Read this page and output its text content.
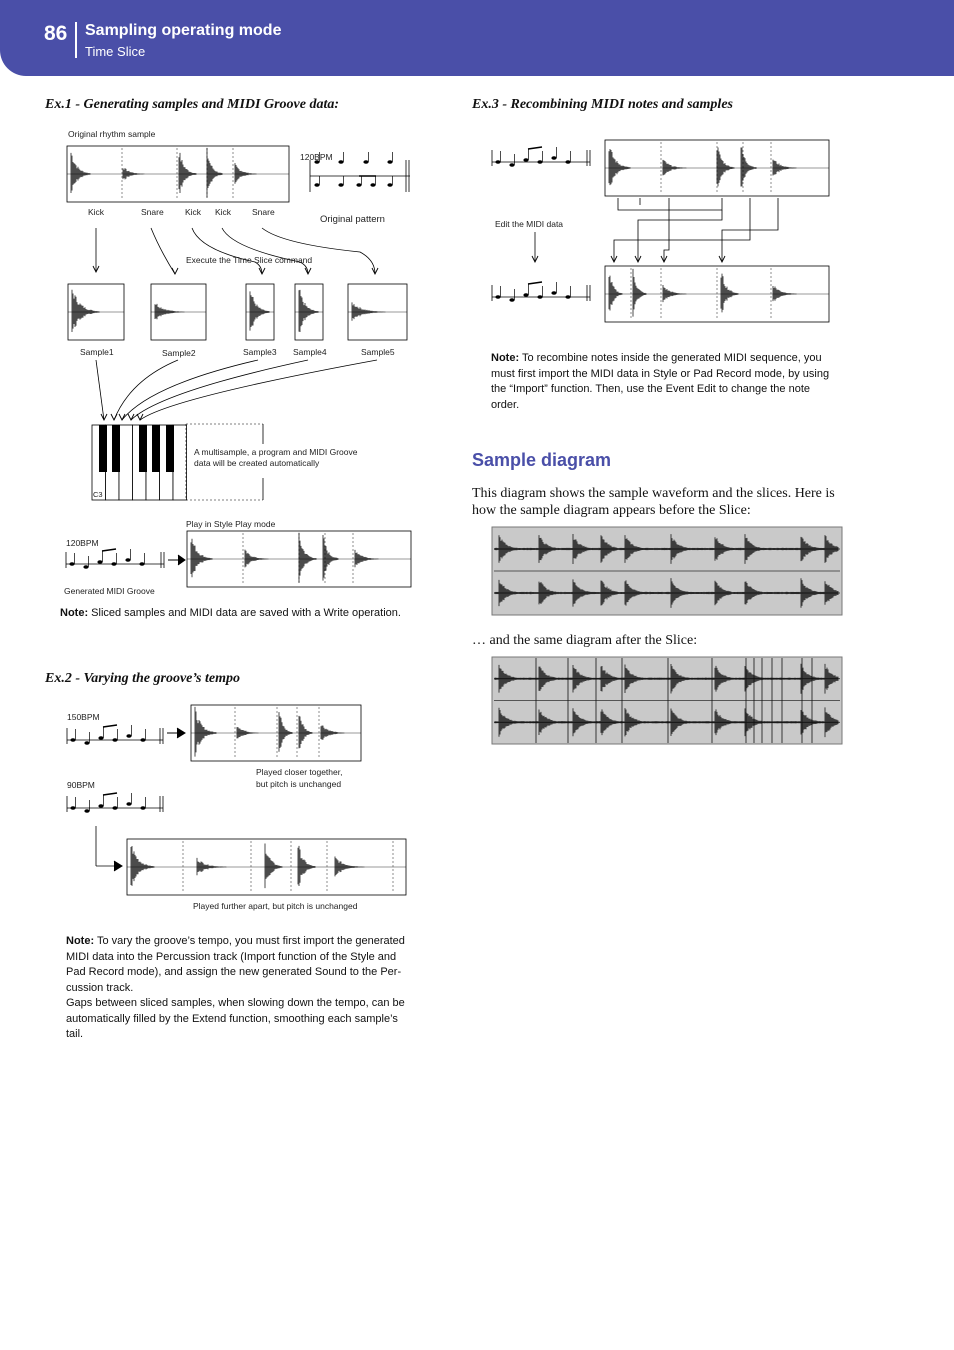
86 Sampling operating mode
Time Slice
Ex.1 - Generating samples and MIDI Groove data:
Original rhythm sample
120BPM
Kick	Snare	Kick Kick Snare
Original pattern
Execute the Time Slice command
Sample1	Sample2	Sample3 Sample4	Sample5
A multisample, a program and MIDI Groove
data will be created automatically
C3
Play in Style Play mode
120BPM
Generated MIDI Groove
Note: Sliced samples and MIDI data are saved with a Write operation.
Ex.2 - Varying the groove’s tempo
150BPM
Played closer together,
but pitch is unchanged
90BPM
Played further apart, but pitch is unchanged
Note: To vary the groove’s tempo, you must first import the generated
MIDI data into the Percussion track (Import function of the Style and
Pad Record mode), and assign the new generated Sound to the Per-
cussion track.
Gaps between sliced samples, when slowing down the tempo, can be
automatically filled by the Extend function, smoothing each sample’s
tail.
Ex.3 - Recombining MIDI notes and samples
Edit the MIDI data
Note: To recombine notes inside the generated MIDI sequence, you
must first import the MIDI data in Style or Pad Record mode, by using
the “Import” function. Then, use the Event Edit to change the note
order.
Sample diagram
This diagram shows the sample waveform and the slices. Here is
how the sample diagram appears before the Slice:
… and the same diagram after the Slice:
